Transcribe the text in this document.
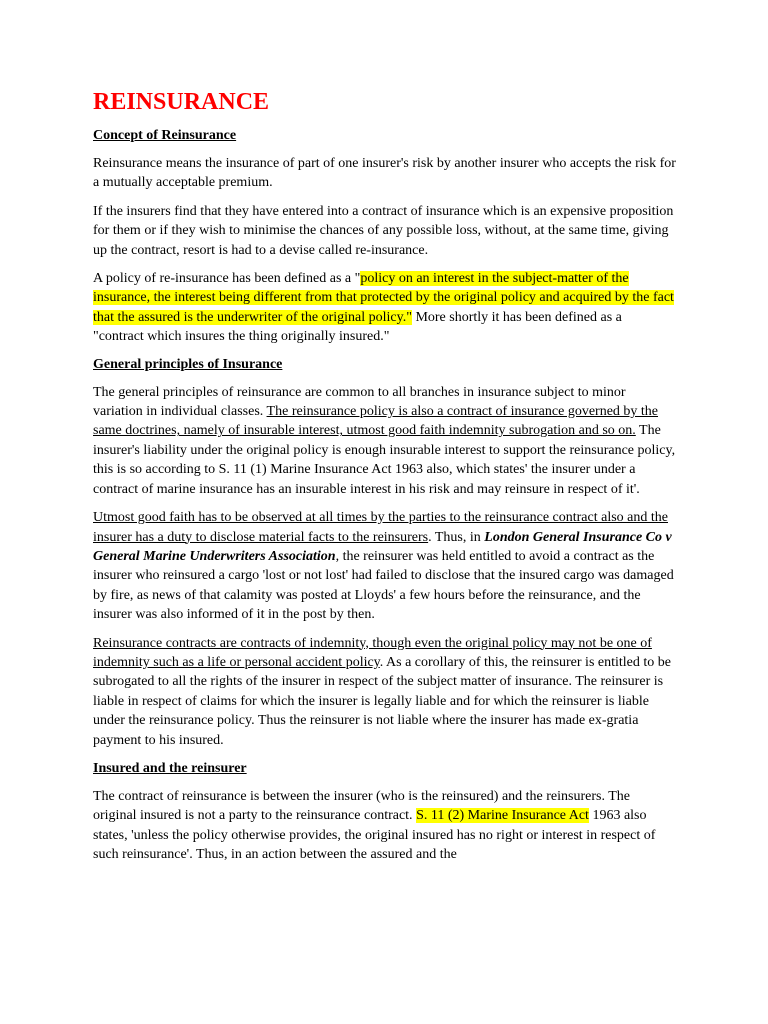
REINSURANCE
Concept of Reinsurance

Reinsurance means the insurance of part of one insurer's risk by another insurer who accepts the risk for a mutually acceptable premium.

If the insurers find that they have entered into a contract of insurance which is an expensive proposition for them or if they wish to minimise the chances of any possible loss, without, at the same time, giving up the contract, resort is had to a devise called re-insurance.

A policy of re-insurance has been defined as a "policy on an interest in the subject-matter of the insurance, the interest being different from that protected by the original policy and acquired by the fact that the assured is the underwriter of the original policy." More shortly it has been defined as a "contract which insures the thing originally insured."

General principles of Insurance

The general principles of reinsurance are common to all branches in insurance subject to minor variation in individual classes. The reinsurance policy is also a contract of insurance governed by the same doctrines, namely of insurable interest, utmost good faith indemnity subrogation and so on. The insurer's liability under the original policy is enough insurable interest to support the reinsurance policy, this is so according to S. 11 (1) Marine Insurance Act 1963 also, which states' the insurer under a contract of marine insurance has an insurable interest in his risk and may reinsure in respect of it'.

Utmost good faith has to be observed at all times by the parties to the reinsurance contract also and the insurer has a duty to disclose material facts to the reinsurers. Thus, in London General Insurance Co v General Marine Underwriters Association, the reinsurer was held entitled to avoid a contract as the insurer who reinsured a cargo 'lost or not lost' had failed to disclose that the insured cargo was damaged by fire, as news of that calamity was posted at Lloyds' a few hours before the reinsurance, and the insurer was also informed of it in the post by then.

Reinsurance contracts are contracts of indemnity, though even the original policy may not be one of indemnity such as a life or personal accident policy. As a corollary of this, the reinsurer is entitled to be subrogated to all the rights of the insurer in respect of the subject matter of insurance. The reinsurer is liable in respect of claims for which the insurer is legally liable and for which the reinsurer is liable under the reinsurance policy. Thus the reinsurer is not liable where the insurer has made ex-gratia payment to his insured.

Insured and the reinsurer

The contract of reinsurance is between the insurer (who is the reinsured) and the reinsurers. The original insured is not a party to the reinsurance contract. S. 11 (2) Marine Insurance Act 1963 also states, 'unless the policy otherwise provides, the original insured has no right or interest in respect of such reinsurance'. Thus, in an action between the assured and the
